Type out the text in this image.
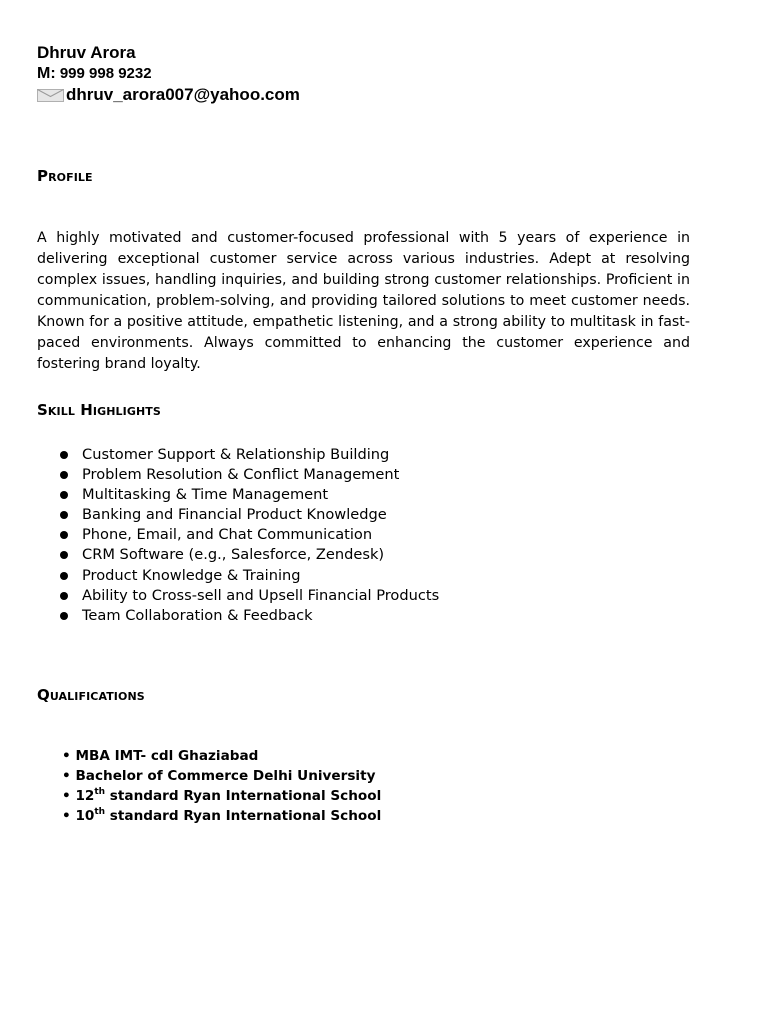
Dhruv Arora
M: 999 998 9232
dhruv_arora007@yahoo.com
Profile
A highly motivated and customer-focused professional with 5 years of experience in delivering exceptional customer service across various industries. Adept at resolving complex issues, handling inquiries, and building strong customer relationships. Proficient in communication, problem-solving, and providing tailored solutions to meet customer needs. Known for a positive attitude, empathetic listening, and a strong ability to multitask in fast-paced environments. Always committed to enhancing the customer experience and fostering brand loyalty.
Skill Highlights
Customer Support & Relationship Building
Problem Resolution & Conflict Management
Multitasking & Time Management
Banking and Financial Product Knowledge
Phone, Email, and Chat Communication
CRM Software (e.g., Salesforce, Zendesk)
Product Knowledge & Training
Ability to Cross-sell and Upsell Financial Products
Team Collaboration & Feedback
Qualifications
• MBA IMT- cdl Ghaziabad
• Bachelor of Commerce Delhi University
• 12th standard Ryan International School
• 10th standard Ryan International School
